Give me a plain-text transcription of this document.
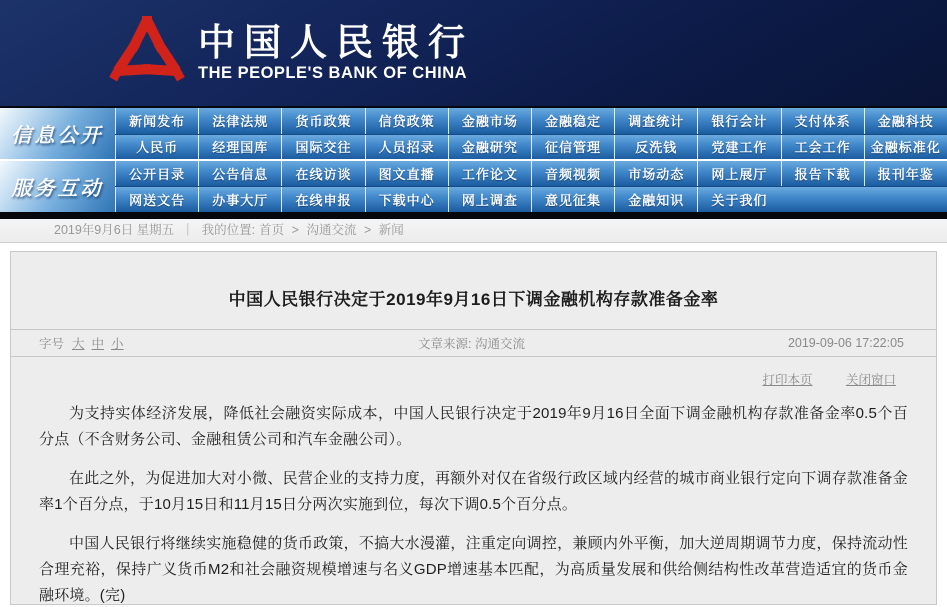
中国人民银行
THE PEOPLE'S BANK OF CHINA
信息公开
服务互动
新闻发布	法律法规	货币政策	信贷政策	金融市场	金融稳定	调查统计	银行会计	支付体系	金融科技
人民币	经理国库	国际交往	人员招录	金融研究	征信管理	反洗钱	党建工作	工会工作	金融标准化
公开目录	公告信息	在线访谈	图文直播	工作论文	音频视频	市场动态	网上展厅	报告下载	报刊年鉴
网送文告	办事大厅	在线申报	下载中心	网上调查	意见征集	金融知识	关于我们
2019年9月6日 星期五 ｜ 我的位置: 首页 > 沟通交流 > 新闻
中国人民银行决定于2019年9月16日下调金融机构存款准备金率
字号 大 中 小	文章来源: 沟通交流	2019-09-06 17:22:05
打印本页	关闭窗口

为支持实体经济发展，降低社会融资实际成本，中国人民银行决定于2019年9月16日全面下调金融机构存款准备金率0.5个百分点（不含财务公司、金融租赁公司和汽车金融公司）。

在此之外，为促进加大对小微、民营企业的支持力度，再额外对仅在省级行政区域内经营的城市商业银行定向下调存款准备金率1个百分点，于10月15日和11月15日分两次实施到位，每次下调0.5个百分点。

中国人民银行将继续实施稳健的货币政策，不搞大水漫灌，注重定向调控，兼顾内外平衡，加大逆周期调节力度，保持流动性合理充裕，保持广义货币M2和社会融资规模增速与名义GDP增速基本匹配，为高质量发展和供给侧结构性改革营造适宜的货币金融环境。(完)
